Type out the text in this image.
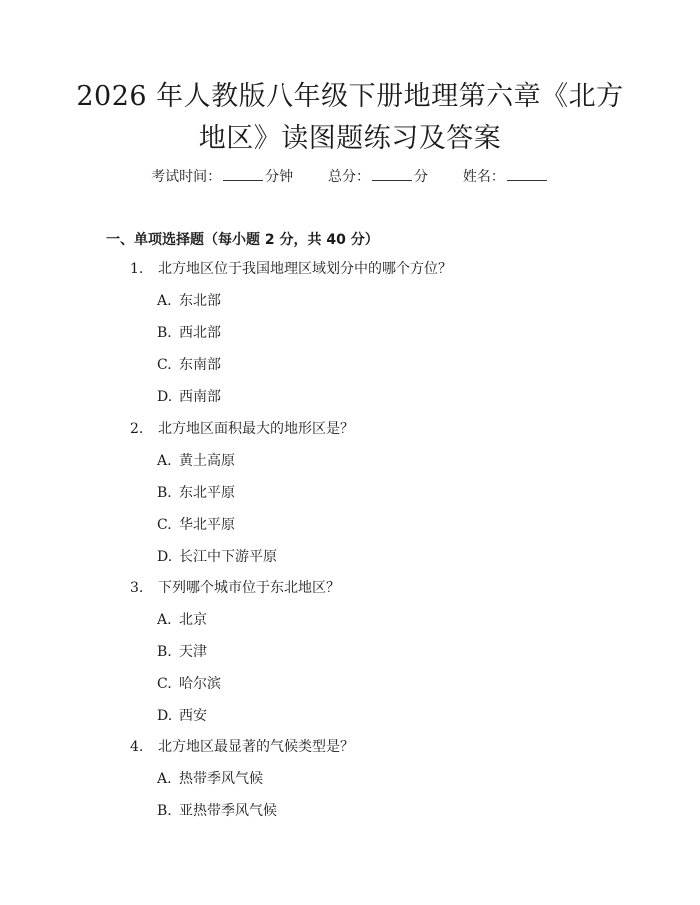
2026 年人教版八年级下册地理第六章《北方
地区》读图题练习及答案
考试时间：	分钟 总分：	分 姓名：
一、单项选择题（每小题 2 分，共 40 分）
1. 北方地区位于我国地理区域划分中的哪个方位？
A. 东北部
B. 西北部
C. 东南部
D. 西南部
2. 北方地区面积最大的地形区是？
A. 黄土高原
B. 东北平原
C. 华北平原
D. 长江中下游平原
3. 下列哪个城市位于东北地区？
A. 北京
B. 天津
C. 哈尔滨
D. 西安
4. 北方地区最显著的气候类型是？
A. 热带季风气候
B. 亚热带季风气候
